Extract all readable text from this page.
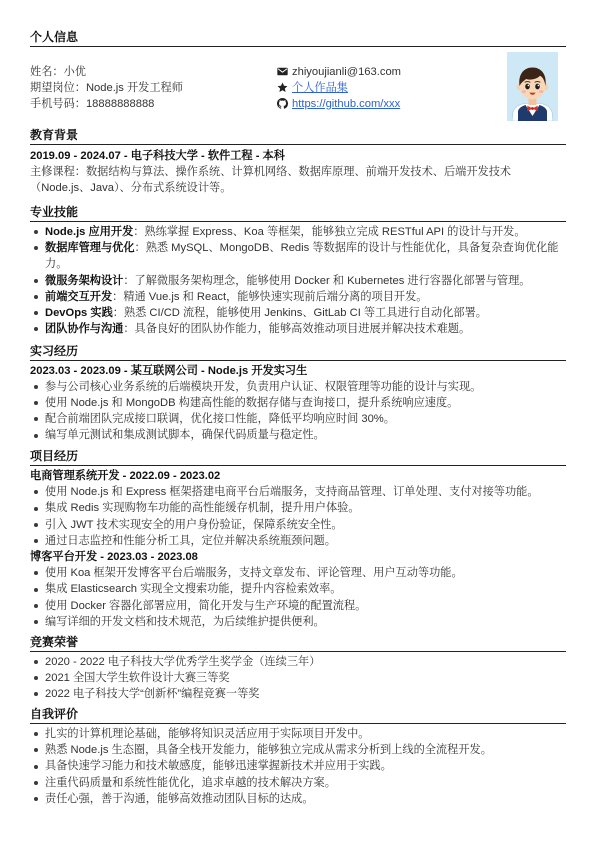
个人信息
姓名：小优
期望岗位：Node.js 开发工程师
手机号码：18888888888
zhiyoujianli@163.com
个人作品集
https://github.com/xxx
教育背景
2019.09 - 2024.07 - 电子科技大学 - 软件工程 - 本科
主修课程：数据结构与算法、操作系统、计算机网络、数据库原理、前端开发技术、后端开发技术（Node.js、Java）、分布式系统设计等。
专业技能
Node.js 应用开发：熟练掌握 Express、Koa 等框架，能够独立完成 RESTful API 的设计与开发。
数据库管理与优化：熟悉 MySQL、MongoDB、Redis 等数据库的设计与性能优化，具备复杂查询优化能力。
微服务架构设计：了解微服务架构理念，能够使用 Docker 和 Kubernetes 进行容器化部署与管理。
前端交互开发：精通 Vue.js 和 React，能够快速实现前后端分离的项目开发。
DevOps 实践：熟悉 CI/CD 流程，能够使用 Jenkins、GitLab CI 等工具进行自动化部署。
团队协作与沟通：具备良好的团队协作能力，能够高效推动项目进展并解决技术难题。
实习经历
2023.03 - 2023.09 - 某互联网公司 - Node.js 开发实习生
参与公司核心业务系统的后端模块开发，负责用户认证、权限管理等功能的设计与实现。
使用 Node.js 和 MongoDB 构建高性能的数据存储与查询接口，提升系统响应速度。
配合前端团队完成接口联调，优化接口性能，降低平均响应时间 30%。
编写单元测试和集成测试脚本，确保代码质量与稳定性。
项目经历
电商管理系统开发 - 2022.09 - 2023.02
使用 Node.js 和 Express 框架搭建电商平台后端服务，支持商品管理、订单处理、支付对接等功能。
集成 Redis 实现购物车功能的高性能缓存机制，提升用户体验。
引入 JWT 技术实现安全的用户身份验证，保障系统安全性。
通过日志监控和性能分析工具，定位并解决系统瓶颈问题。
博客平台开发 - 2023.03 - 2023.08
使用 Koa 框架开发博客平台后端服务，支持文章发布、评论管理、用户互动等功能。
集成 Elasticsearch 实现全文搜索功能，提升内容检索效率。
使用 Docker 容器化部署应用，简化开发与生产环境的配置流程。
编写详细的开发文档和技术规范，为后续维护提供便利。
竞赛荣誉
2020 - 2022 电子科技大学优秀学生奖学金（连续三年）
2021 全国大学生软件设计大赛三等奖
2022 电子科技大学“创新杯”编程竞赛一等奖
自我评价
扎实的计算机理论基础，能够将知识灵活应用于实际项目开发中。
熟悉 Node.js 生态圈，具备全栈开发能力，能够独立完成从需求分析到上线的全流程开发。
具备快速学习能力和技术敏感度，能够迅速掌握新技术并应用于实践。
注重代码质量和系统性能优化，追求卓越的技术解决方案。
责任心强，善于沟通，能够高效推动团队目标的达成。
